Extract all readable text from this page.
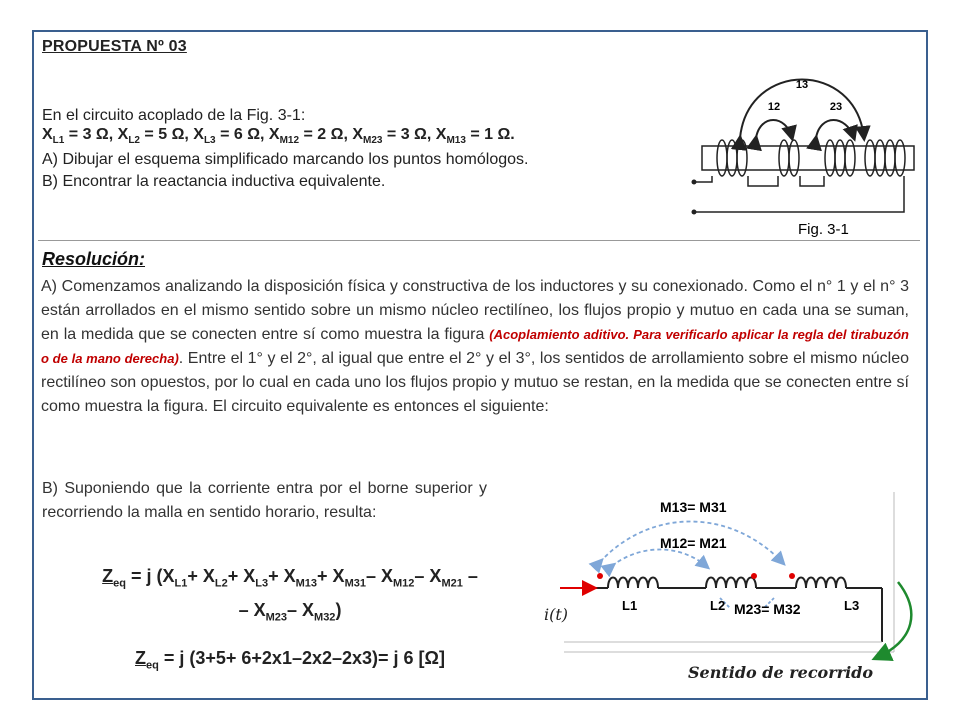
PROPUESTA Nº 03
En el circuito acoplado de la Fig. 3-1:
$X_{L1} = 3$ Ω, $X_{L2} = 5$ Ω, $X_{L3} = 6$ Ω, $X_{M12} = 2$ Ω, $X_{M23} = 3$ Ω, $X_{M13} = 1$ Ω.
A) Dibujar el esquema simplificado marcando los puntos homólogos.
B) Encontrar la reactancia inductiva equivalente.
13
12	23
Fig. 3-1
Resolución:
A) Comenzamos analizando la disposición física y constructiva de los inductores y su conexionado. Como el n° 1 y el n° 3 están arrollados en el mismo sentido sobre un mismo núcleo rectilíneo, los flujos propio y mutuo en cada una se suman, en la medida que se conecten entre sí como muestra la figura (Acoplamiento aditivo. Para verificarlo aplicar la regla del tirabuzón o de la mano derecha). Entre el 1° y el 2°, al igual que entre el 2° y el 3°, los sentidos de arrollamiento sobre el mismo núcleo rectilíneo son opuestos, por lo cual en cada uno los flujos propio y mutuo se restan, en la medida que se conecten entre sí como muestra la figura. El circuito equivalente es entonces el siguiente:
B) Suponiendo que la corriente entra por el borne superior y recorriendo la malla en sentido horario, resulta:
$Z_{eq} = j$ ($X_{L1}+ X_{L2}+ X_{L3}+ X_{M13}+ X_{M31}-$ $X_{M12}-$ $X_{M21}$ –
– $X_{M23}-$ $X_{M32}$)
$Z_{eq} = j$ (3+5+ 6+2x1–2x2–2x3)= j 6 [Ω]
M13= M31
M12= M21
L1	L2 M23= M32	L3
i(t)
Sentido de recorrido
